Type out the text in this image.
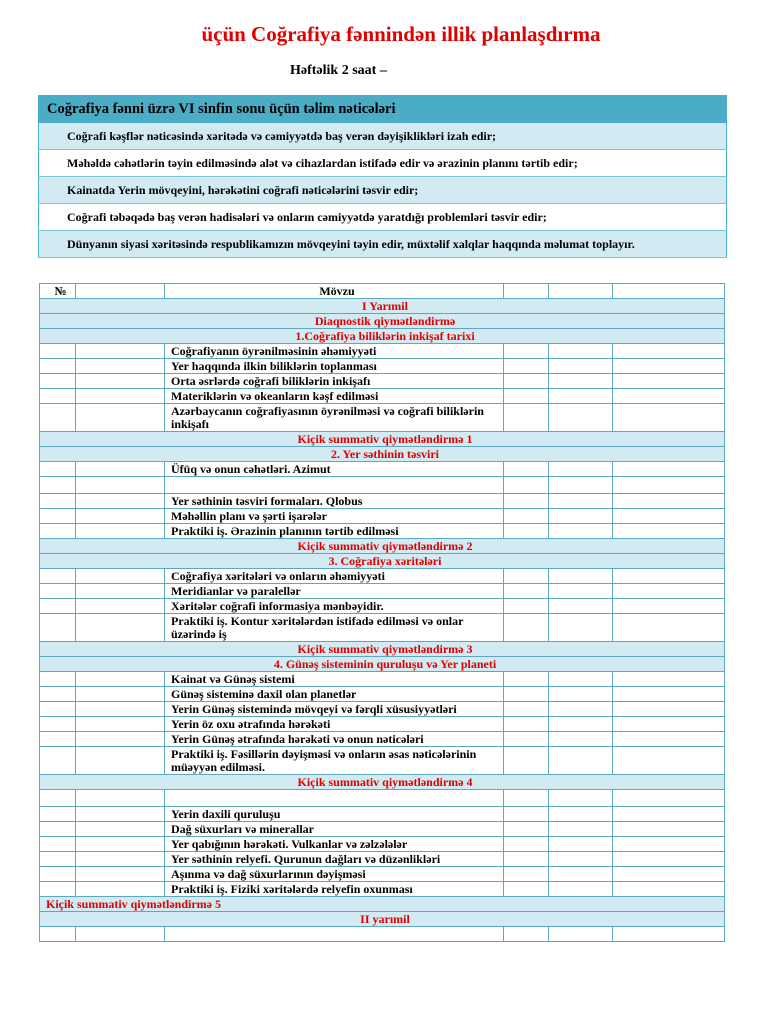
üçün Coğrafiya fənnindən illik planlaşdırma
Həftəlik 2 saat –
Coğrafiya fənni üzrə VI sinfin sonu üçün təlim nəticələri
Coğrafi kəşflər nəticəsində xəritədə və cəmiyyətdə baş verən dəyişiklikləri izah edir;
Məhəldə cəhətlərin təyin edilməsində alət və cihazlardan istifadə edir və ərazinin planını tərtib edir;
Kainatda Yerin mövqeyini, hərəkətini coğrafi nəticələrini təsvir edir;
Coğrafi təbəqədə baş verən hadisələri və onların cəmiyyətdə yaratdığı problemləri təsvir edir;
Dünyanın siyasi xəritəsində respublikamızın mövqeyini təyin edir, müxtəlif xalqlar haqqında məlumat toplayır.
№		Mövzu			
I Yarımil					
Diaqnostik qiymətləndirmə					
1.Coğrafiya biliklərin inkişaf tarixi					
		Coğrafiyanın öyrənilməsinin əhəmiyyəti			
		Yer haqqında ilkin biliklərin toplanması			
		Orta əsrlərdə coğrafi biliklərin inkişafı			
		Materiklərin və okeanların kəşf edilməsi			
		Azərbaycanın coğrafiyasının öyrənilməsi və coğrafi biliklərin inkişafı			
Kiçik summativ qiymətləndirmə 1					
2. Yer səthinin təsviri					
		Üfüq və onun cəhətləri. Azimut			

		Yer səthinin təsviri formaları. Qlobus			
		Məhəllin planı və şərti işarələr			
		Praktiki iş. Ərazinin planının tərtib edilməsi			
Kiçik summativ qiymətləndirmə 2					
3. Coğrafiya xəritələri					
		Coğrafiya xəritələri və onların əhəmiyyəti			
		Meridianlar və paralellər			
		Xəritələr coğrafi informasiya mənbəyidir.			
		Praktiki iş. Kontur xəritələrdən istifadə edilməsi və onlar üzərində iş			
Kiçik summativ qiymətləndirmə 3					
4. Günəş sisteminin quruluşu və Yer planeti					
		Kainat və Günəş sistemi			
		Günəş sisteminə daxil olan planetlər			
		Yerin Günəş sistemində mövqeyi və fərqli xüsusiyyətləri			
		Yerin öz oxu ətrafında hərəkəti			
		Yerin Günəş ətrafında hərəkəti və onun nəticələri			
		Praktiki iş. Fəsillərin dəyişməsi və onların əsas nəticələrinin müəyyən edilməsi.			
Kiçik summativ qiymətləndirmə 4					

		Yerin daxili quruluşu			
		Dağ süxurları və minerallar			
		Yer qabığının hərəkəti. Vulkanlar və zəlzələlər			
		Yer səthinin relyefi. Qurunun dağları və düzənlikləri			
		Aşınma və dağ süxurlarının dəyişməsi			
		Praktiki iş. Fiziki xəritələrdə relyefin oxunması			
Kiçik summativ qiymətləndirmə 5					
II yarımil					
